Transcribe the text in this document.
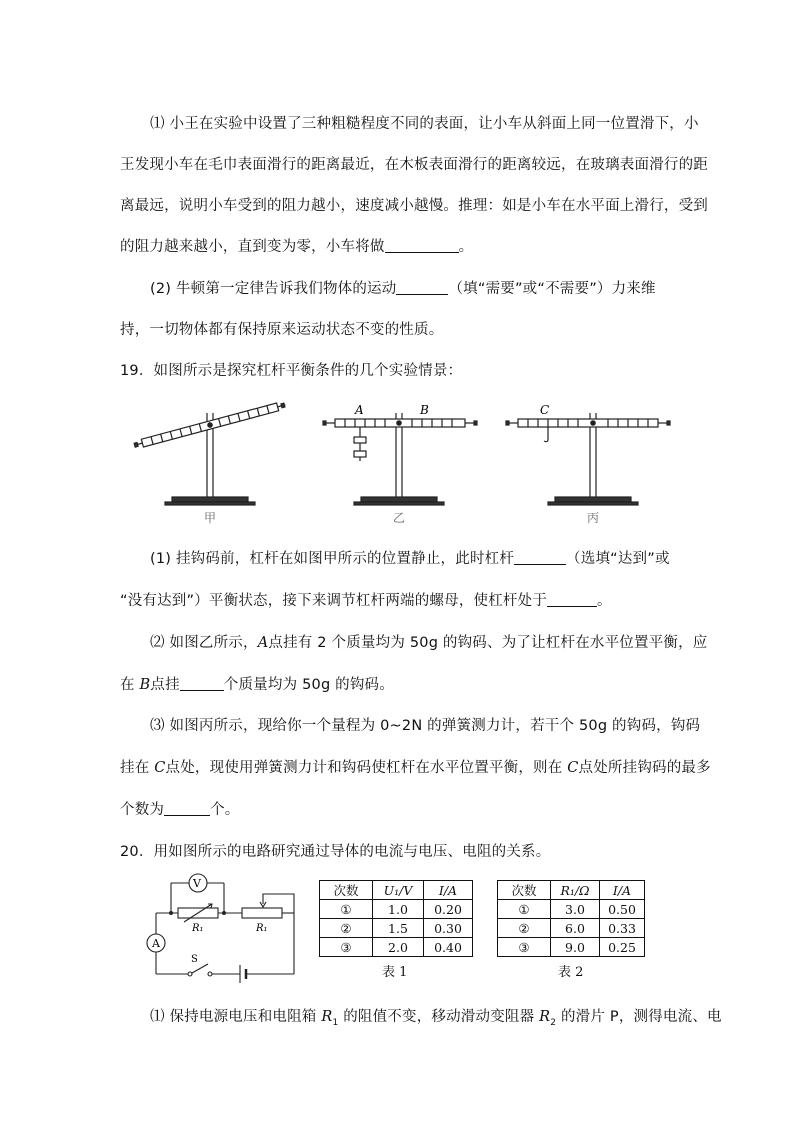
⑴ 小王在实验中设置了三种粗糙程度不同的表面，让小车从斜面上同一位置滑下，小
王发现小车在毛巾表面滑行的距离最近，在木板表面滑行的距离较远，在玻璃表面滑行的距
离最远，说明小车受到的阻力越小，速度减小越慢。推理：如是小车在水平面上滑行，受到
的阻力越来越小，直到变为零，小车将做	。
(2) 牛顿第一定律告诉我们物体的运动	（填“需要”或“不需要”）力来维
持，一切物体都有保持原来运动状态不变的性质。
19．如图所示是探究杠杆平衡条件的几个实验情景：
A	B	C
甲	乙	丙
(1) 挂钩码前，杠杆在如图甲所示的位置静止，此时杠杆	（选填“达到”或
“没有达到”）平衡状态，接下来调节杠杆两端的螺母，使杠杆处于	。
⑵ 如图乙所示，A点挂有 2 个质量均为 50g 的钩码、为了让杠杆在水平位置平衡，应
在 B点挂	个质量均为 50g 的钩码。
⑶ 如图丙所示，现给你一个量程为 0~2N 的弹簧测力计，若干个 50g 的钩码，钩码
挂在 C点处，现使用弹簧测力计和钩码使杠杆在水平位置平衡，则在 C点处所挂钩码的最多
个数为	个。
20．用如图所示的电路研究通过导体的电流与电压、电阻的关系。
V
A
R₁	R₁
S
次数	U₁/V	I/A
①	1.0	0.20
②	1.5	0.30
③	2.0	0.40
表 1
次数	R₁/Ω	I/A
①	3.0	0.50
②	6.0	0.33
③	9.0	0.25
表 2
⑴ 保持电源电压和电阻箱 $R_1$ 的阻值不变，移动滑动变阻器 $R_2$ 的滑片 P，测得电流、电
